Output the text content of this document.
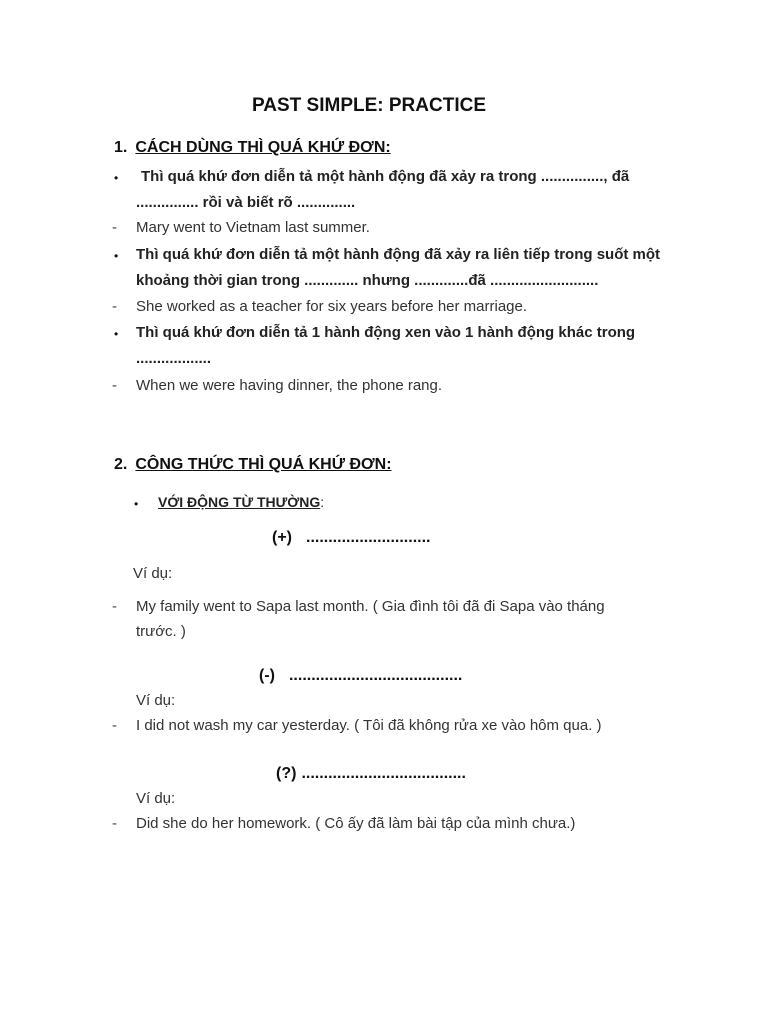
PAST SIMPLE: PRACTICE
1. CÁCH DÙNG THÌ QUÁ KHỨ ĐƠN:
• Thì quá khứ đơn diễn tả một hành động đã xảy ra trong ..............., đã
............... rồi và biết rõ ..............
- Mary went to Vietnam last summer.
• Thì quá khứ đơn diễn tả một hành động đã xảy ra liên tiếp trong suốt một
khoảng thời gian trong ............. nhưng .............đã ..........................
- She worked as a teacher for six years before her marriage.
• Thì quá khứ đơn diễn tả 1 hành động xen vào 1 hành động khác trong
..................
- When we were having dinner, the phone rang.
2. CÔNG THỨC THÌ QUÁ KHỨ ĐƠN:
• VỚI ĐỘNG TỪ THƯỜNG:
(+) ............................
Ví dụ:
- My family went to Sapa last month. ( Gia đình tôi đã đi Sapa vào tháng
trước. )
(-) .......................................
Ví dụ:
- I did not wash my car yesterday. ( Tôi đã không rửa xe vào hôm qua. )
(?) .....................................
Ví dụ:
- Did she do her homework. ( Cô ấy đã làm bài tập của mình chưa.)
